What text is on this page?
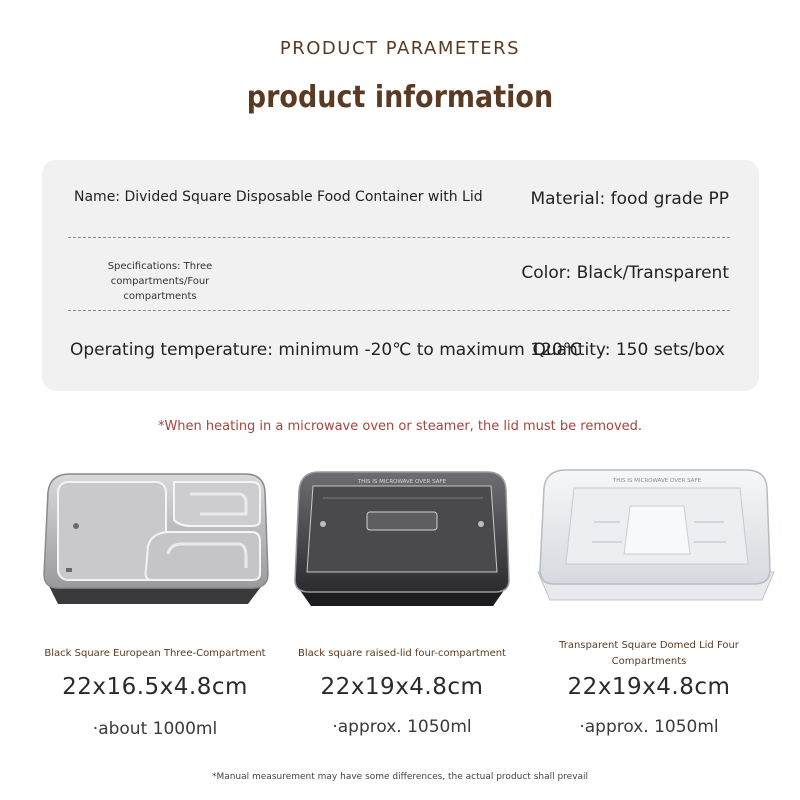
PRODUCT PARAMETERS

product information
Name: Divided Square Disposable Food Container with Lid	Material: food grade PP
Specifications: Three compartments/Four
compartments
Color: Black/Transparent
Operating temperature: minimum -20℃ to maximum 120℃
Quantity: 150 sets/box
*When heating in a microwave oven or steamer, the lid must be removed.
Black Square European Three-Compartment
22x16.5x4.8cm
·about 1000ml
THIS IS MICROWAVE OVER SAFE
Black square raised-lid four-compartment
22x19x4.8cm
·approx. 1050ml
THIS IS MICROWAVE OVER SAFE
Transparent Square Domed Lid Four
Compartments
22x19x4.8cm
·approx. 1050ml
*Manual measurement may have some differences, the actual product shall prevail
